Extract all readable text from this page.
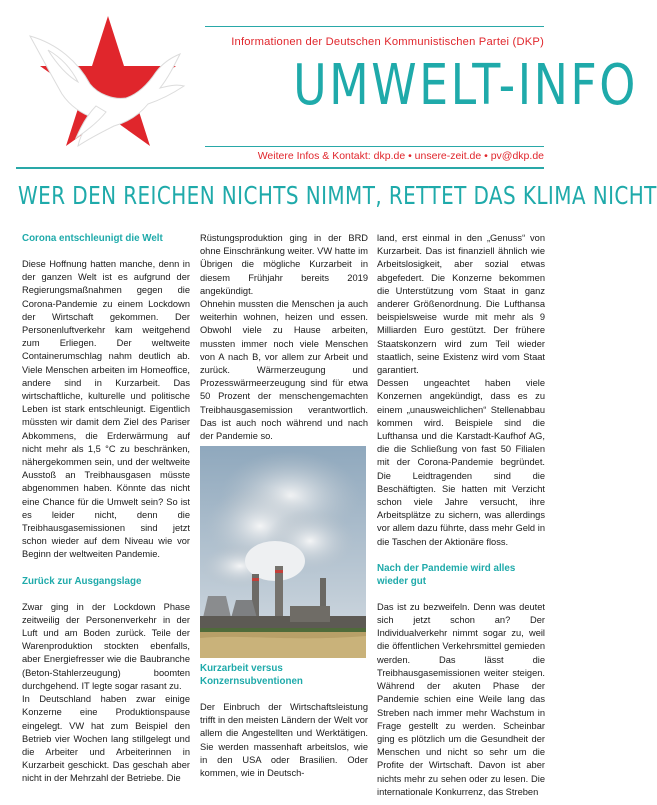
Informationen der Deutschen Kommunistischen Partei (DKP)
UMWELT-INFO
Weitere Infos & Kontakt: dkp.de • unsere-zeit.de • pv@dkp.de
WER DEN REICHEN NICHTS NIMMT, RETTET DAS KLIMA NICHT
Corona entschleunigt die Welt

Diese Hoffnung hatten manche, denn in der ganzen Welt ist es aufgrund der Regierungsmaßnahmen gegen die Corona-Pandemie zu einem Lockdown der Wirtschaft gekommen. Der Personenluftverkehr kam weitgehend zum Erliegen. Der weltweite Containerumschlag nahm deutlich ab. Viele Menschen arbeiten im Homeoffice, andere sind in Kurzarbeit. Das wirtschaftliche, kulturelle und politische Leben ist stark entschleunigt. Eigentlich müssten wir damit dem Ziel des Pariser Abkommens, die Erderwärmung auf nicht mehr als 1,5 °C zu beschränken, nähergekommen sein, und der weltweite Ausstoß an Treibhausgasen müsste abgenommen haben. Könnte das nicht eine Chance für die Umwelt sein? So ist es leider nicht, denn die Treibhausgasemissionen sind jetzt schon wieder auf dem Niveau wie vor Beginn der weltweiten Pandemie.

Zurück zur Ausgangslage

Zwar ging in der Lockdown Phase zeitweilig der Personenverkehr in der Luft und am Boden zurück. Teile der Warenproduktion stockten ebenfalls, aber Energiefresser wie die Baubranche (Beton-Stahlerzeugung) boomten durchgehend. IT legte sogar rasant zu.

In Deutschland haben zwar einige Konzerne eine Produktionspause eingelegt. VW hat zum Beispiel den Betrieb vier Wochen lang stillgelegt und die Arbeiter und Arbeiterinnen in Kurzarbeit geschickt. Das geschah aber nicht in der Mehrzahl der Betriebe. Die

Rüstungsproduktion ging in der BRD ohne Einschränkung weiter. VW hatte im Übrigen die mögliche Kurzarbeit in diesem Frühjahr bereits 2019 angekündigt.

Ohnehin mussten die Menschen ja auch weiterhin wohnen, heizen und essen. Obwohl viele zu Hause arbeiten, mussten immer noch viele Menschen von A nach B, vor allem zur Arbeit und zurück. Wärmerzeugung und Prozesswärmeerzeugung sind für etwa 50 Prozent der menschengemachten Treibhausgasemission verantwortlich. Das ist auch noch während und nach der Pandemie so.

Kurzarbeit versus Konzernsubventionen

Der Einbruch der Wirtschaftsleistung trifft in den meisten Ländern der Welt vor allem die Angestellten und Werktätigen. Sie werden massenhaft arbeitslos, wie in den USA oder Brasilien. Oder kommen, wie in Deutsch-

land, erst einmal in den „Genuss“ von Kurzarbeit. Das ist finanziell ähnlich wie Arbeitslosigkeit, aber sozial etwas abgefedert. Die Konzerne bekommen die Unterstützung vom Staat in ganz anderer Größenordnung. Die Lufthansa beispielsweise wurde mit mehr als 9 Milliarden Euro gestützt. Der frühere Staatskonzern wird zum Teil wieder staatlich, seine Existenz wird vom Staat garantiert.

Dessen ungeachtet haben viele Konzernen angekündigt, dass es zu einem „unausweichlichen“ Stellenabbau kommen wird. Beispiele sind die Lufthansa und die Karstadt-Kaufhof AG, die die Schließung von fast 50 Filialen mit der Corona-Pandemie begründet. Die Leidtragenden sind die Beschäftigten. Sie hatten mit Verzicht schon viele Jahre versucht, ihre Arbeitsplätze zu sichern, was allerdings vor allem dazu führte, dass mehr Geld in die Taschen der Aktionäre floss.

Nach der Pandemie wird alles wieder gut

Das ist zu bezweifeln. Denn was deutet sich jetzt schon an? Der Individualverkehr nimmt sogar zu, weil die öffentlichen Verkehrsmittel gemieden werden. Das lässt die Treibhausgasemissionen weiter steigen. Während der akuten Phase der Pandemie schien eine Weile lang das Streben nach immer mehr Wachstum in Frage gestellt zu werden. Scheinbar ging es plötzlich um die Gesundheit der Menschen und nicht so sehr um die Profite der Wirtschaft. Davon ist aber nichts mehr zu sehen oder zu lesen. Die internationale Konkurrenz, das Streben
